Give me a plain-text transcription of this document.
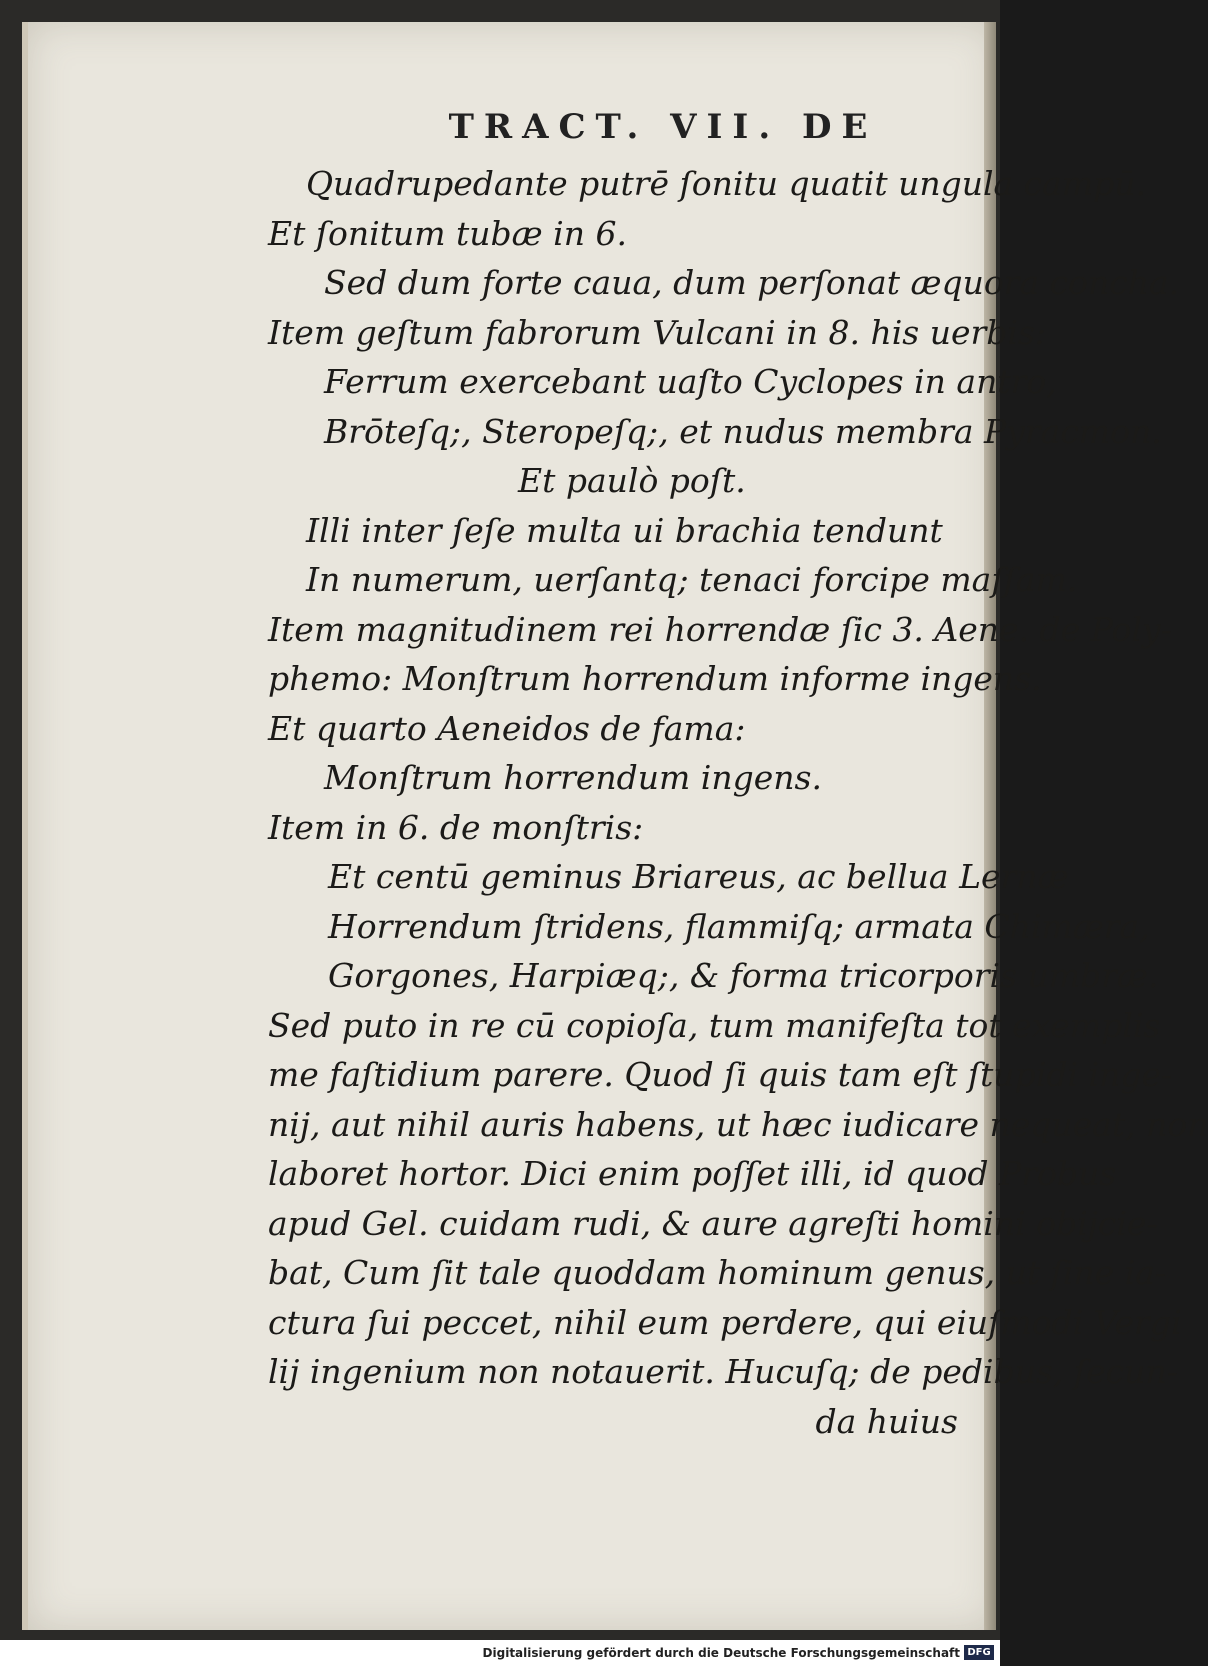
TRACT. VII. DE
Quadrupedante putrē ſonitu quatit ungula campū.
Et ſonitum tubæ in 6.
Sed dum forte caua, dum perſonat æquora concha.
Item geſtum fabrorum Vulcani in 8. his uerbis:
Ferrum exercebant uaſto Cyclopes in antro,
Brōteſq;, Steropeſq;, et nudus membra Pyracmon.
Et paulò poſt.
Illi inter ſeſe multa ui brachia tendunt
In numerum, uerſantq; tenaci forcipe maſſam.
Item magnitudinem rei horrendæ ſic 3. Aene. de Poly-
phemo: Monſtrum horrendum informe ingens.
Et quarto Aeneidos de fama:
Monſtrum horrendum ingens.
Item in 6. de monſtris:
Et centū geminus Briareus, ac bellua Lernæ
Horrendum ſtridens, flammiſq; armata Chimæra,
Gorgones, Harpiæq;, & forma tricorporis umbræ.
Sed puto in re cū copioſa, tum manifeſta tot exemplis
me faſtidium parere. Quod ſi quis tam eſt ſtupidi inge-
nij, aut nihil auris habens, ut hæc iudicare nequeat, non
laboret hortor. Dici enim poſſet illi, id quod Probus
apud Gel. cuidam rudi, & aure agreſti homini obijcie-
bat, Cum ſit tale quoddam hominum genus, ut ſine ia-
ctura ſui peccet, nihil eum perdere, qui eiuſmodi Vergi
lij ingenium non notauerit. Hucuſq; de pedibus, ſecun-
da huius
Digitalisierung gefördert durch die Deutsche Forschungsgemeinschaft DFG
